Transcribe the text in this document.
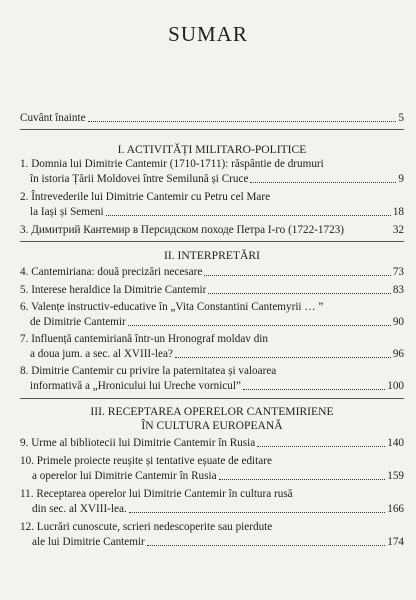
SUMAR
Cuvânt înainte	5
I. ACTIVITĂȚI MILITARO-POLITICE
1. Domnia lui Dimitrie Cantemir (1710-1711): răspântie de drumuri
în istoria Țării Moldovei între Semilună și Cruce	9
2. Întrevederile lui Dimitrie Cantemir cu Petru cel Mare
la Iași și Semeni	18
3. Димитрий Кантемир в Персидском походе Петра I-го (1722-1723)	32
II. INTERPRETĂRI
4. Cantemiriana: două precizări necesare	73
5. Interese heraldice la Dimitrie Cantemir	83
6. Valențe instructiv-educative în „Vita Constantini Cantemyrii … ”
de Dimitrie Cantemir	90
7. Influență cantemiriană într-un Hronograf moldav din
a doua jum. a sec. al XVIII-lea?	96
8. Dimitrie Cantemir cu privire la paternitatea și valoarea
informativă a „Hronicului lui Ureche vornicul”	100
III. RECEPTAREA OPERELOR CANTEMIRIENE
ÎN CULTURA EUROPEANĂ
9. Urme al bibliotecii lui Dimitrie Cantemir în Rusia	140
10. Primele proiecte reușite și tentative eșuate de editare
a operelor lui Dimitrie Cantemir în Rusia	159
11. Receptarea operelor lui Dimitrie Cantemir în cultura rusă
din sec. al XVIII-lea.	166
12. Lucrări cunoscute, scrieri nedescoperite sau pierdute
ale lui Dimitrie Cantemir	174
